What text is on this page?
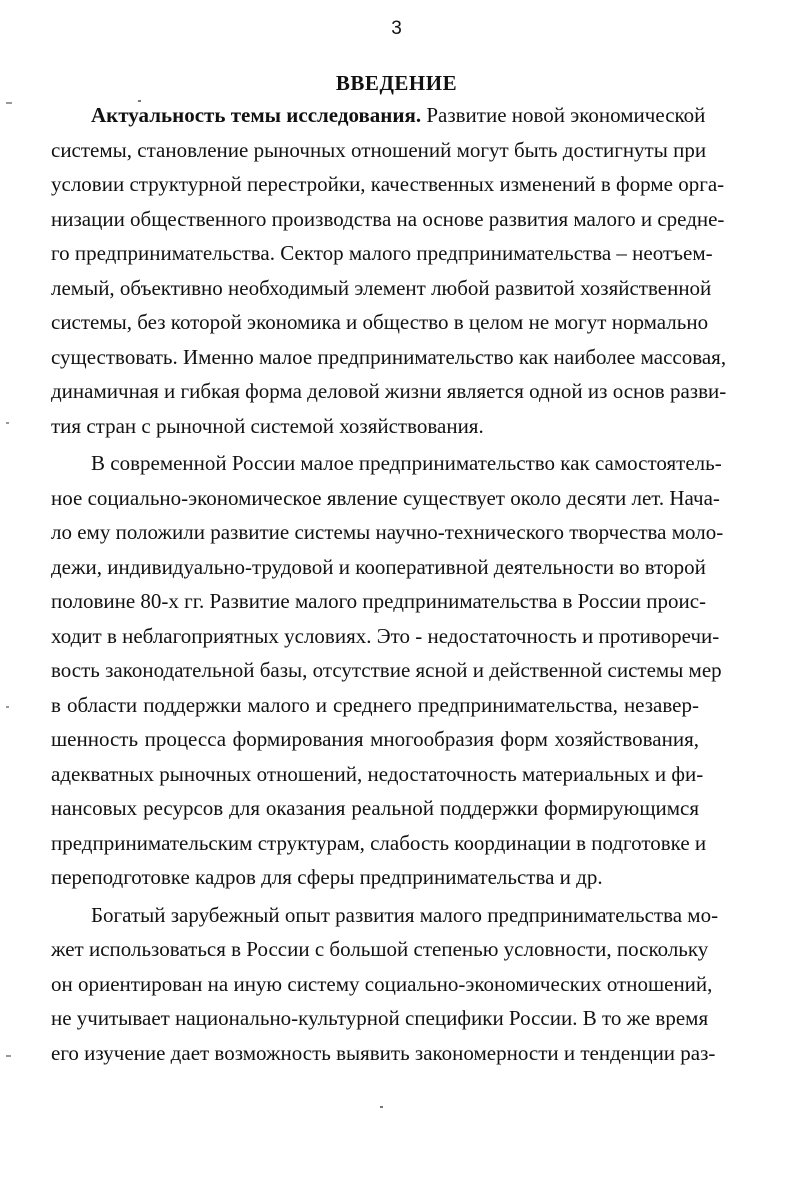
3
ВВЕДЕНИЕ
Актуальность темы исследования. Развитие новой экономической
системы, становление рыночных отношений могут быть достигнуты при
условии структурной перестройки, качественных изменений в форме орга-
низации общественного производства на основе развития малого и средне-
го предпринимательства. Сектор малого предпринимательства – неотъем-
лемый, объективно необходимый элемент любой развитой хозяйственной
системы, без которой экономика и общество в целом не могут нормально
существовать. Именно малое предпринимательство как наиболее массовая,
динамичная и гибкая форма деловой жизни является одной из основ разви-
тия стран с рыночной системой хозяйствования.
В современной России малое предпринимательство как самостоятель-
ное социально-экономическое явление существует около десяти лет. Нача-
ло ему положили развитие системы научно-технического творчества моло-
дежи, индивидуально-трудовой и кооперативной деятельности во второй
половине 80-х гг. Развитие малого предпринимательства в России проис-
ходит в неблагоприятных условиях. Это - недостаточность и противоречи-
вость законодательной базы, отсутствие ясной и действенной системы мер
в области поддержки малого и среднего предпринимательства, незавер-
шенность процесса формирования многообразия форм хозяйствования,
адекватных рыночных отношений, недостаточность материальных и фи-
нансовых ресурсов для оказания реальной поддержки формирующимся
предпринимательским структурам, слабость координации в подготовке и
переподготовке кадров для сферы предпринимательства и др.
Богатый зарубежный опыт развития малого предпринимательства мо-
жет использоваться в России с большой степенью условности, поскольку
он ориентирован на иную систему социально-экономических отношений,
не учитывает национально-культурной специфики России. В то же время
его изучение дает возможность выявить закономерности и тенденции раз-
